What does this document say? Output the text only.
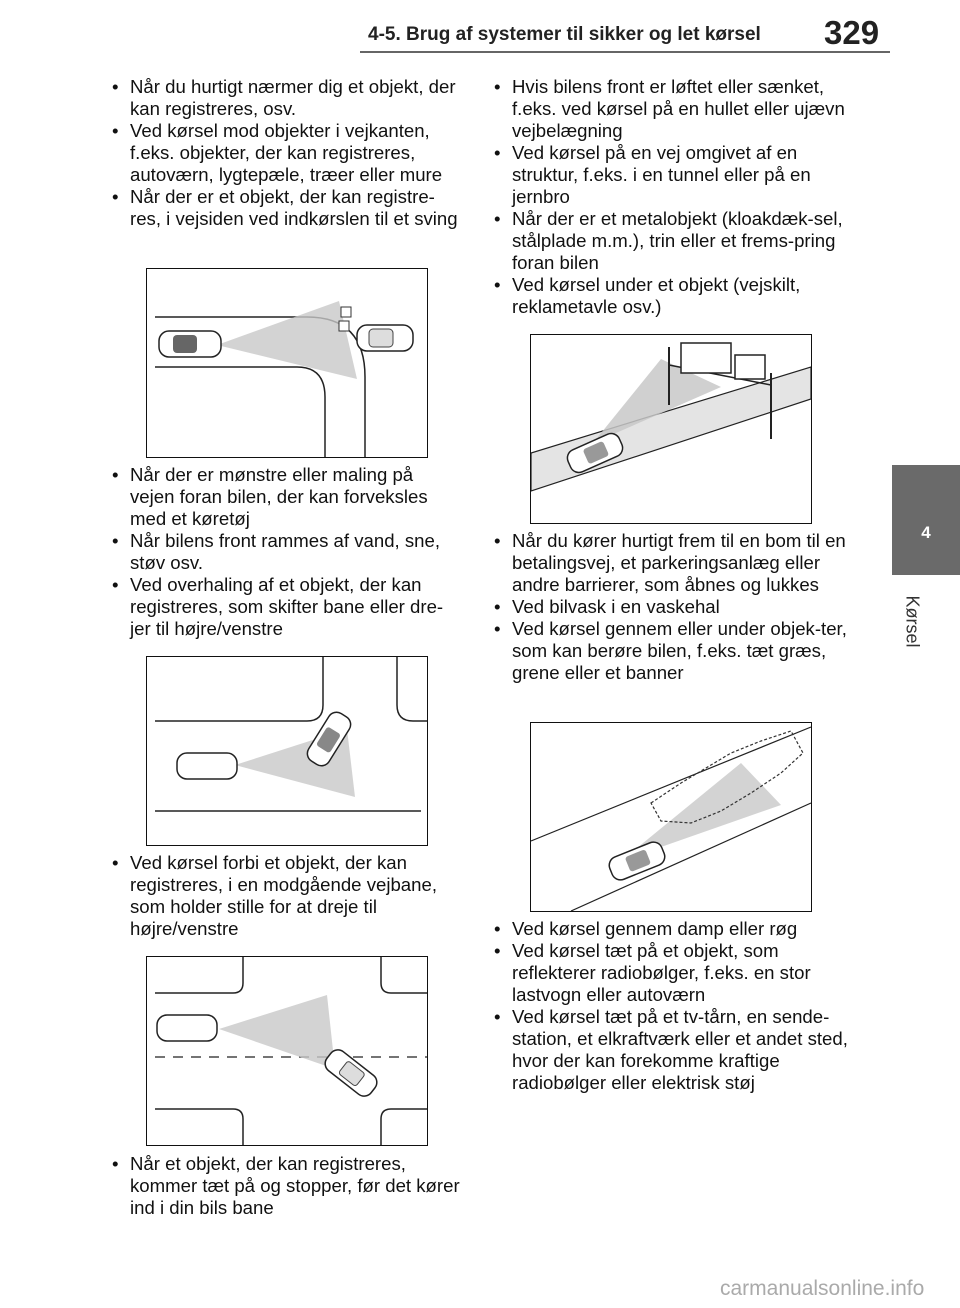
4-5. Brug af systemer til sikker og let kørsel 329
4
Kørsel
• Når du hurtigt nærmer dig et objekt, der kan registreres, osv.
• Ved kørsel mod objekter i vejkanten, f.eks. objekter, der kan registreres, autoværn, lygtepæle, træer eller mure
• Når der er et objekt, der kan registre-res, i vejsiden ved indkørslen til et sving
• Når der er mønstre eller maling på vejen foran bilen, der kan forveksles med et køretøj
• Når bilens front rammes af vand, sne, støv osv.
• Ved overhaling af et objekt, der kan registreres, som skifter bane eller dre-jer til højre/venstre
• Ved kørsel forbi et objekt, der kan registreres, i en modgående vejbane, som holder stille for at dreje til højre/venstre
• Når et objekt, der kan registreres, kommer tæt på og stopper, før det kører ind i din bils bane
• Hvis bilens front er løftet eller sænket, f.eks. ved kørsel på en hullet eller ujævn vejbelægning
• Ved kørsel på en vej omgivet af en struktur, f.eks. i en tunnel eller på en jernbro
• Når der er et metalobjekt (kloakdæk-sel, stålplade m.m.), trin eller et frems-pring foran bilen
• Ved kørsel under et objekt (vejskilt, reklametavle osv.)
• Når du kører hurtigt frem til en bom til en betalingsvej, et parkeringsanlæg eller andre barrierer, som åbnes og lukkes
• Ved bilvask i en vaskehal
• Ved kørsel gennem eller under objek-ter, som kan berøre bilen, f.eks. tæt græs, grene eller et banner
• Ved kørsel gennem damp eller røg
• Ved kørsel tæt på et objekt, som reflekterer radiobølger, f.eks. en stor lastvogn eller autoværn
• Ved kørsel tæt på et tv-tårn, en sende-station, et elkraftværk eller et andet sted, hvor der kan forekomme kraftige radiobølger eller elektrisk støj
carmanualsonline.info
